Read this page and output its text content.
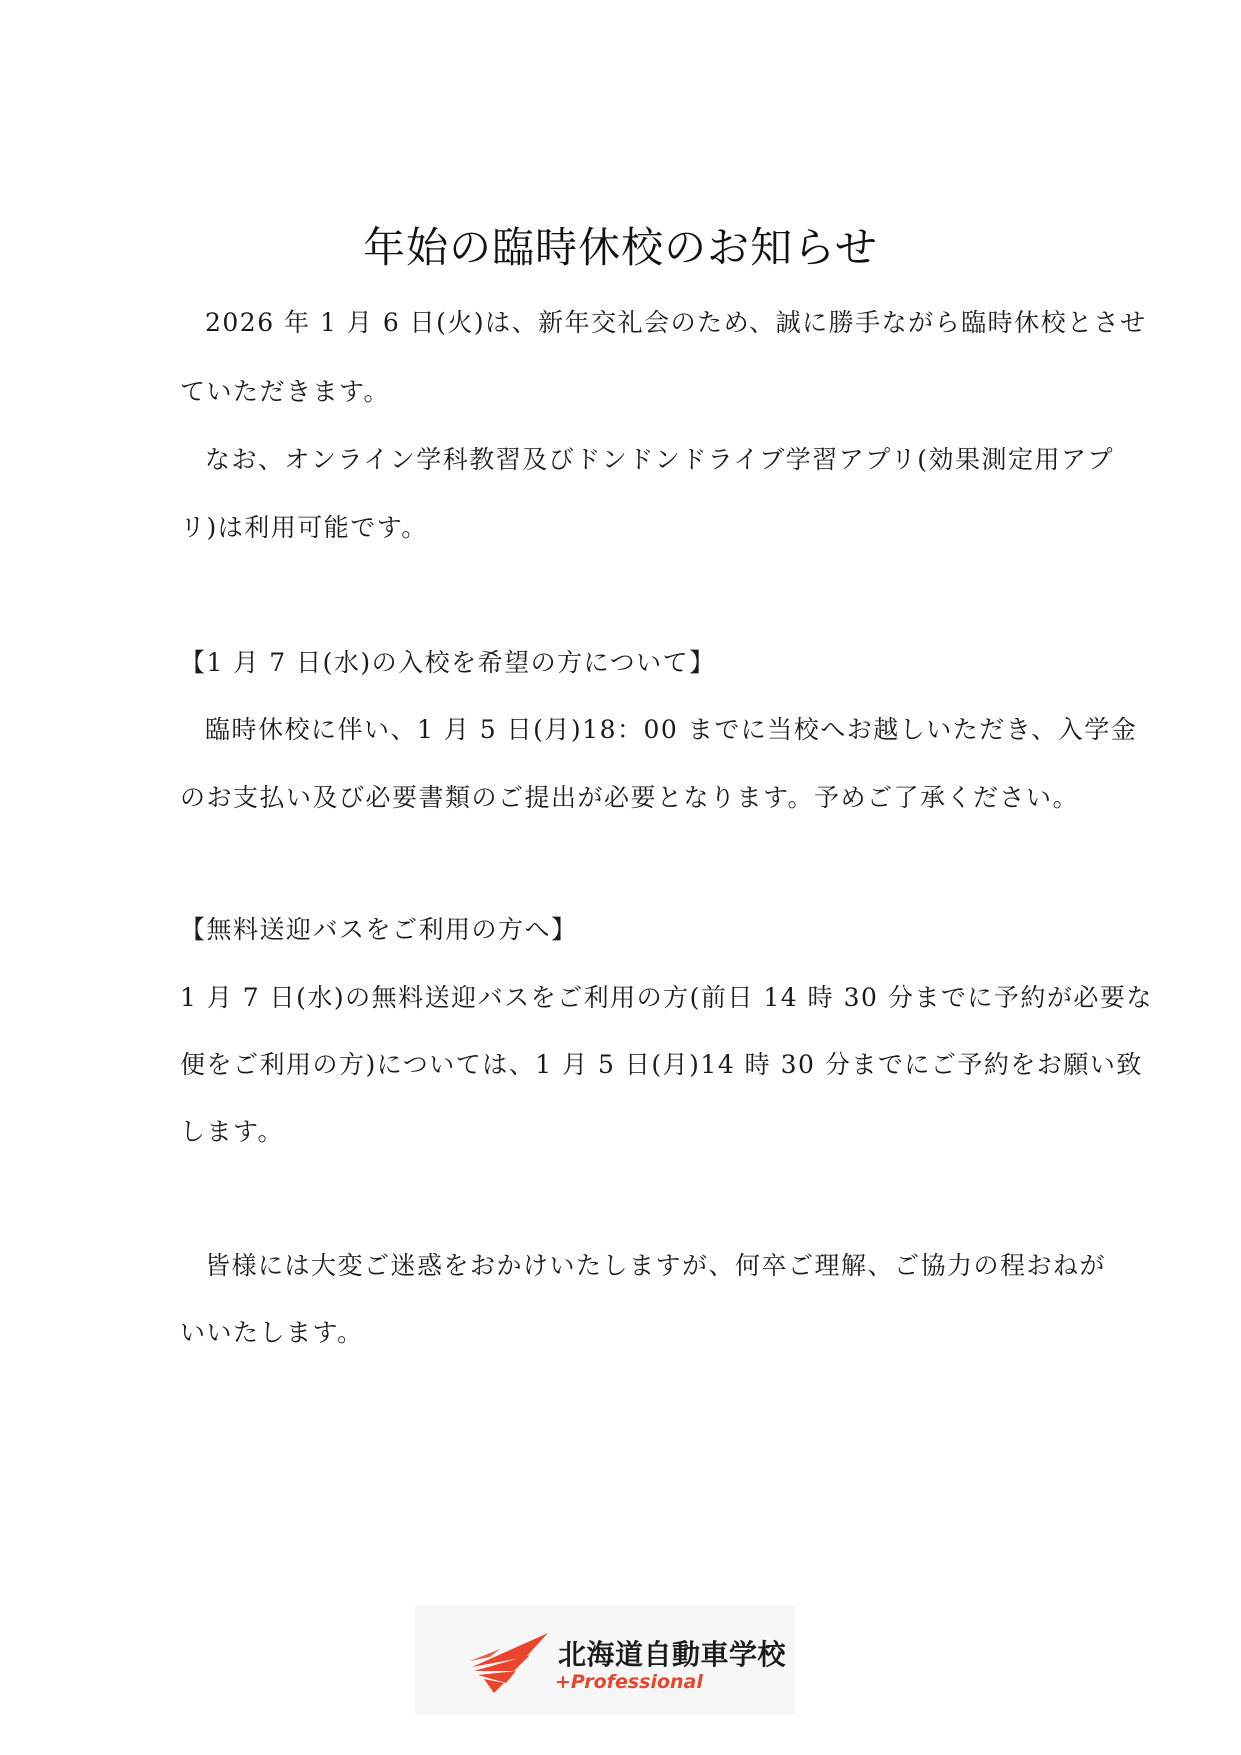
年始の臨時休校のお知らせ
2026 年 1 月 6 日(火)は、新年交礼会のため、誠に勝手ながら臨時休校とさせ
ていただきます。
なお、オンライン学科教習及びドンドンドライブ学習アプリ(効果測定用アプ
リ)は利用可能です。
【1 月 7 日(水)の入校を希望の方について】
臨時休校に伴い、1 月 5 日(月)18：00 までに当校へお越しいただき、入学金
のお支払い及び必要書類のご提出が必要となります。予めご了承ください。
【無料送迎バスをご利用の方へ】
1 月 7 日(水)の無料送迎バスをご利用の方(前日 14 時 30 分までに予約が必要な
便をご利用の方)については、1 月 5 日(月)14 時 30 分までにご予約をお願い致
します。
皆様には大変ご迷惑をおかけいたしますが、何卒ご理解、ご協力の程おねが
いいたします。
北海道自動車学校
+Professional
